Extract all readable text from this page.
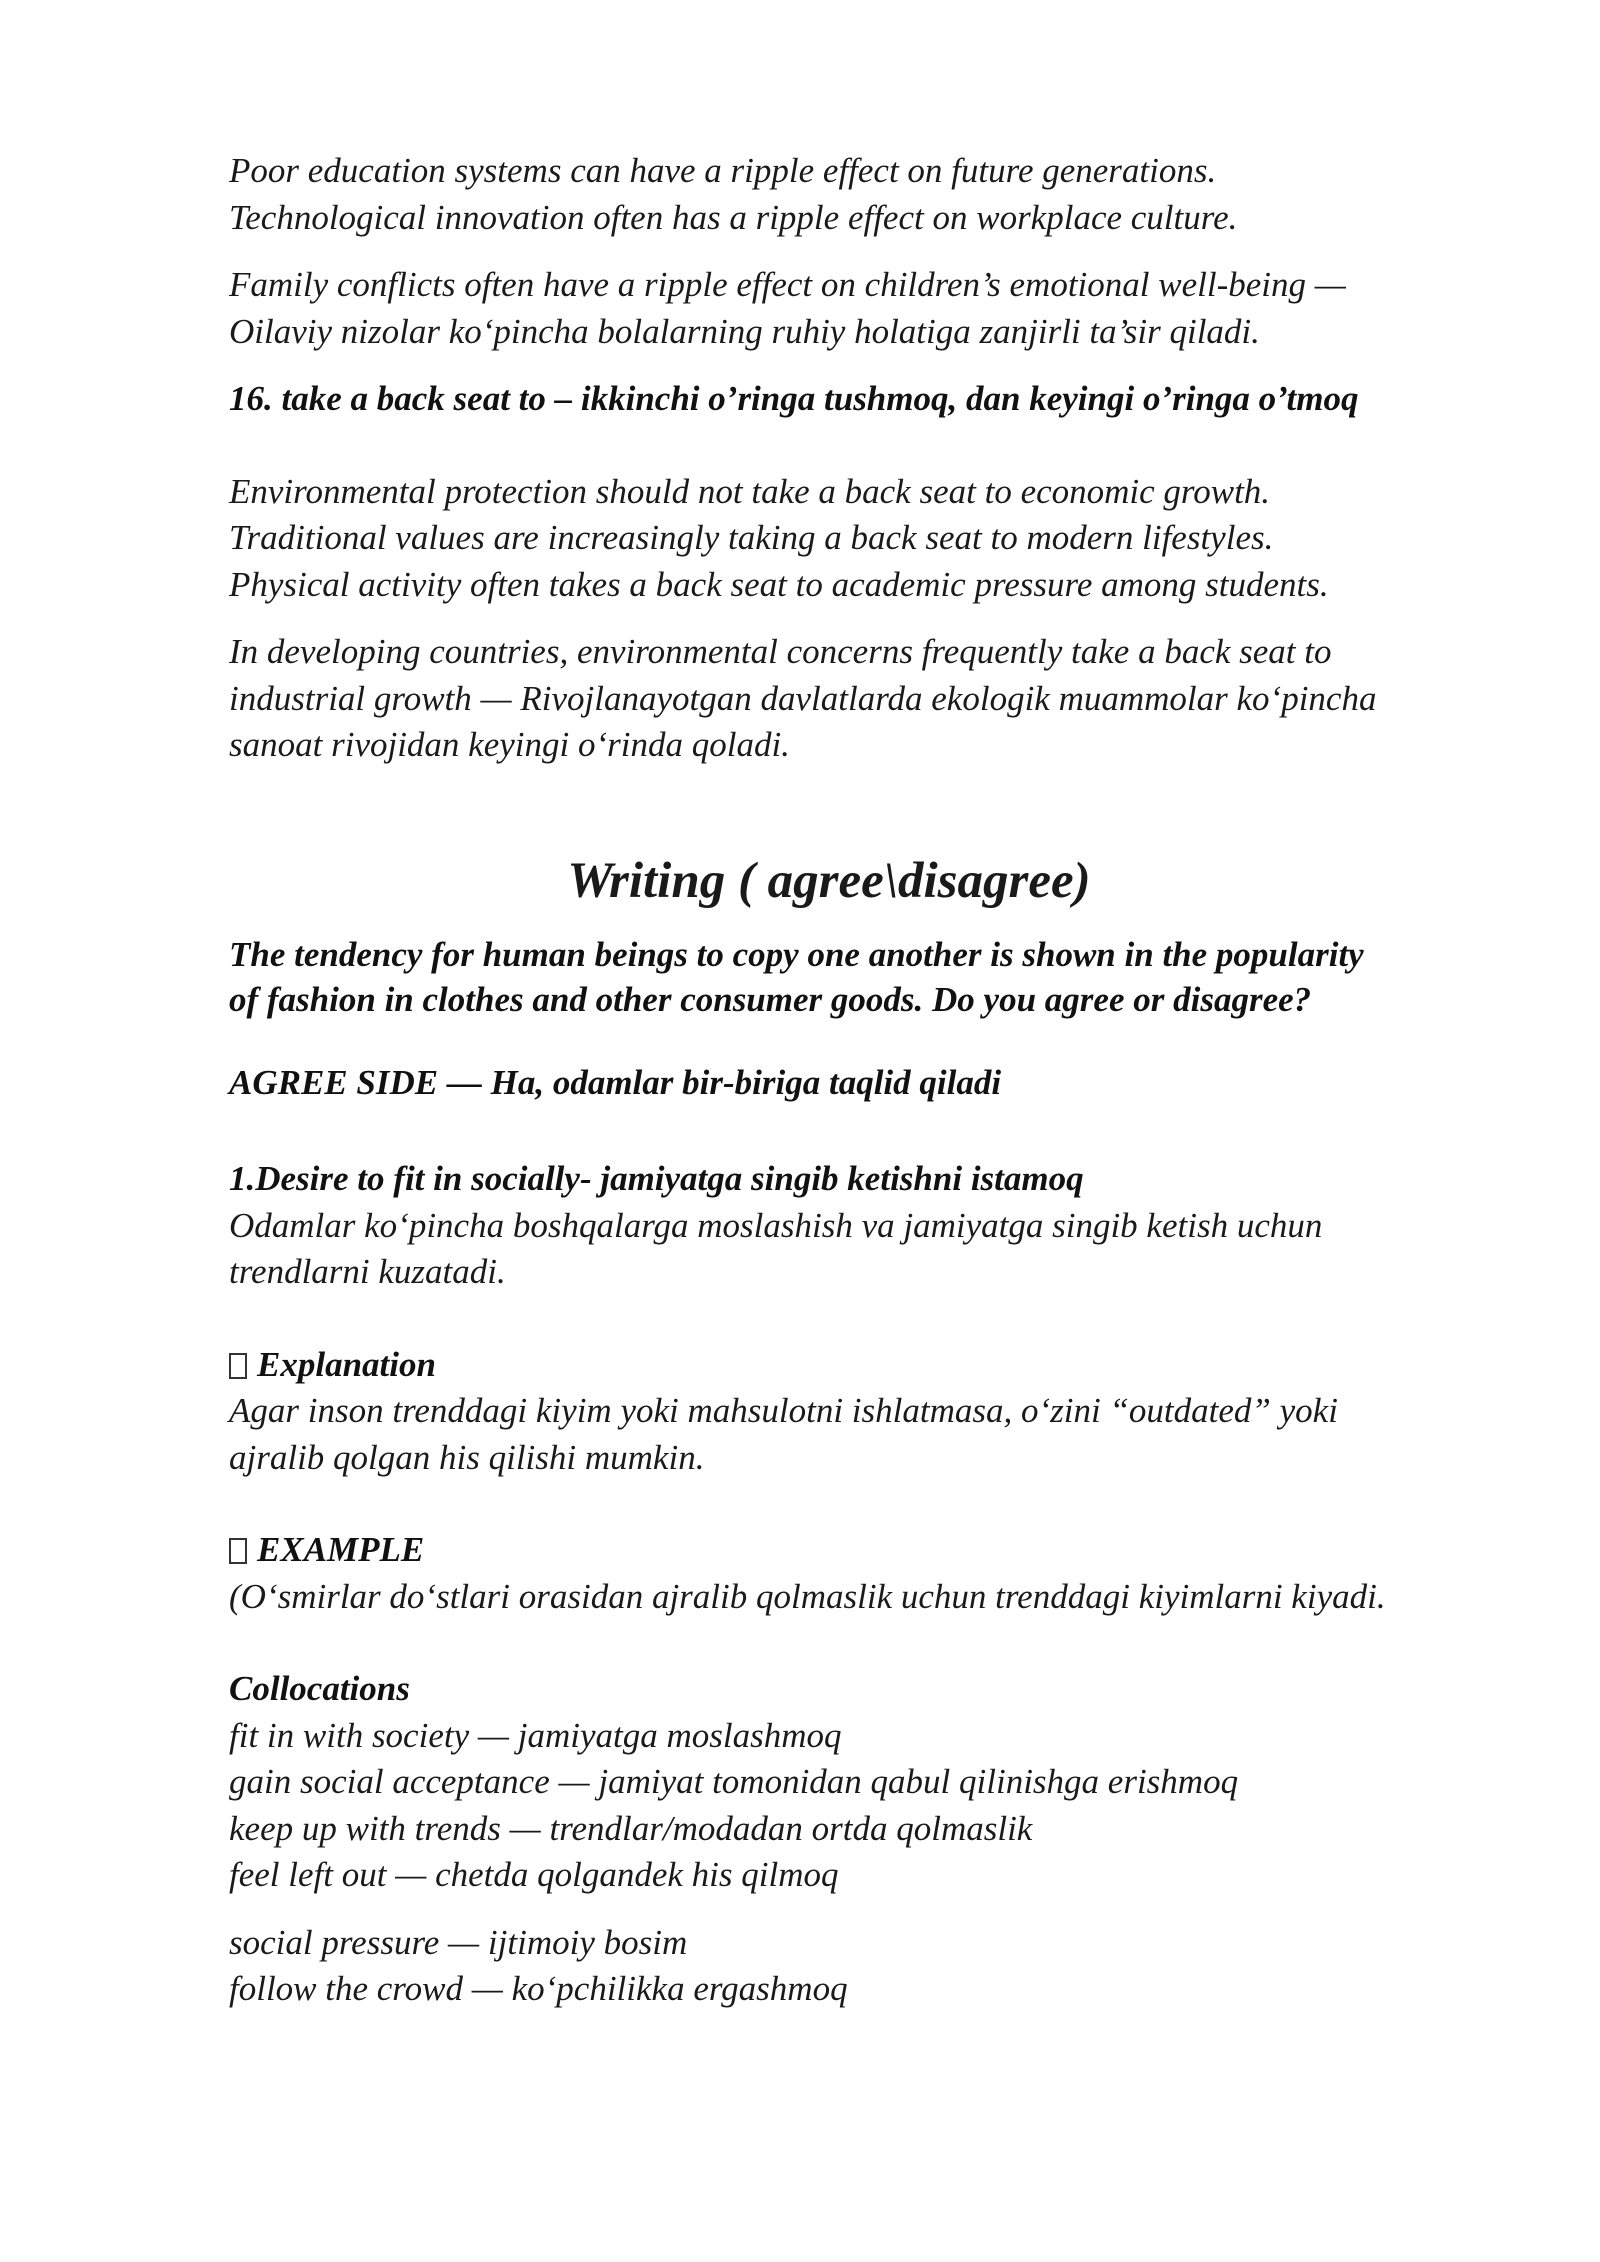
Poor education systems can have a ripple effect on future generations.
Technological innovation often has a ripple effect on workplace culture.

Family conflicts often have a ripple effect on children’s emotional well-being —
Oilaviy nizolar ko‘pincha bolalarning ruhiy holatiga zanjirli ta’sir qiladi.

16. take a back seat to – ikkinchi o’ringa tushmoq, dan keyingi o’ringa o’tmoq

Environmental protection should not take a back seat to economic growth.
Traditional values are increasingly taking a back seat to modern lifestyles.
Physical activity often takes a back seat to academic pressure among students.

In developing countries, environmental concerns frequently take a back seat to
industrial growth — Rivojlanayotgan davlatlarda ekologik muammolar ko‘pincha
sanoat rivojidan keyingi o‘rinda qoladi.

Writing ( agree\disagree)

The tendency for human beings to copy one another is shown in the popularity
of fashion in clothes and other consumer goods. Do you agree or disagree?

AGREE SIDE — Ha, odamlar bir-biriga taqlid qiladi

1.Desire to fit in socially- jamiyatga singib ketishni istamoq
Odamlar ko‘pincha boshqalarga moslashish va jamiyatga singib ketish uchun
trendlarni kuzatadi.

Explanation
Agar inson trenddagi kiyim yoki mahsulotni ishlatmasa, o‘zini “outdated” yoki
ajralib qolgan his qilishi mumkin.

EXAMPLE
(O‘smirlar do‘stlari orasidan ajralib qolmaslik uchun trenddagi kiyimlarni kiyadi.

Collocations
fit in with society — jamiyatga moslashmoq
gain social acceptance — jamiyat tomonidan qabul qilinishga erishmoq
keep up with trends — trendlar/modadan ortda qolmaslik
feel left out — chetda qolgandek his qilmoq

social pressure — ijtimoiy bosim
follow the crowd — ko‘pchilikka ergashmoq
